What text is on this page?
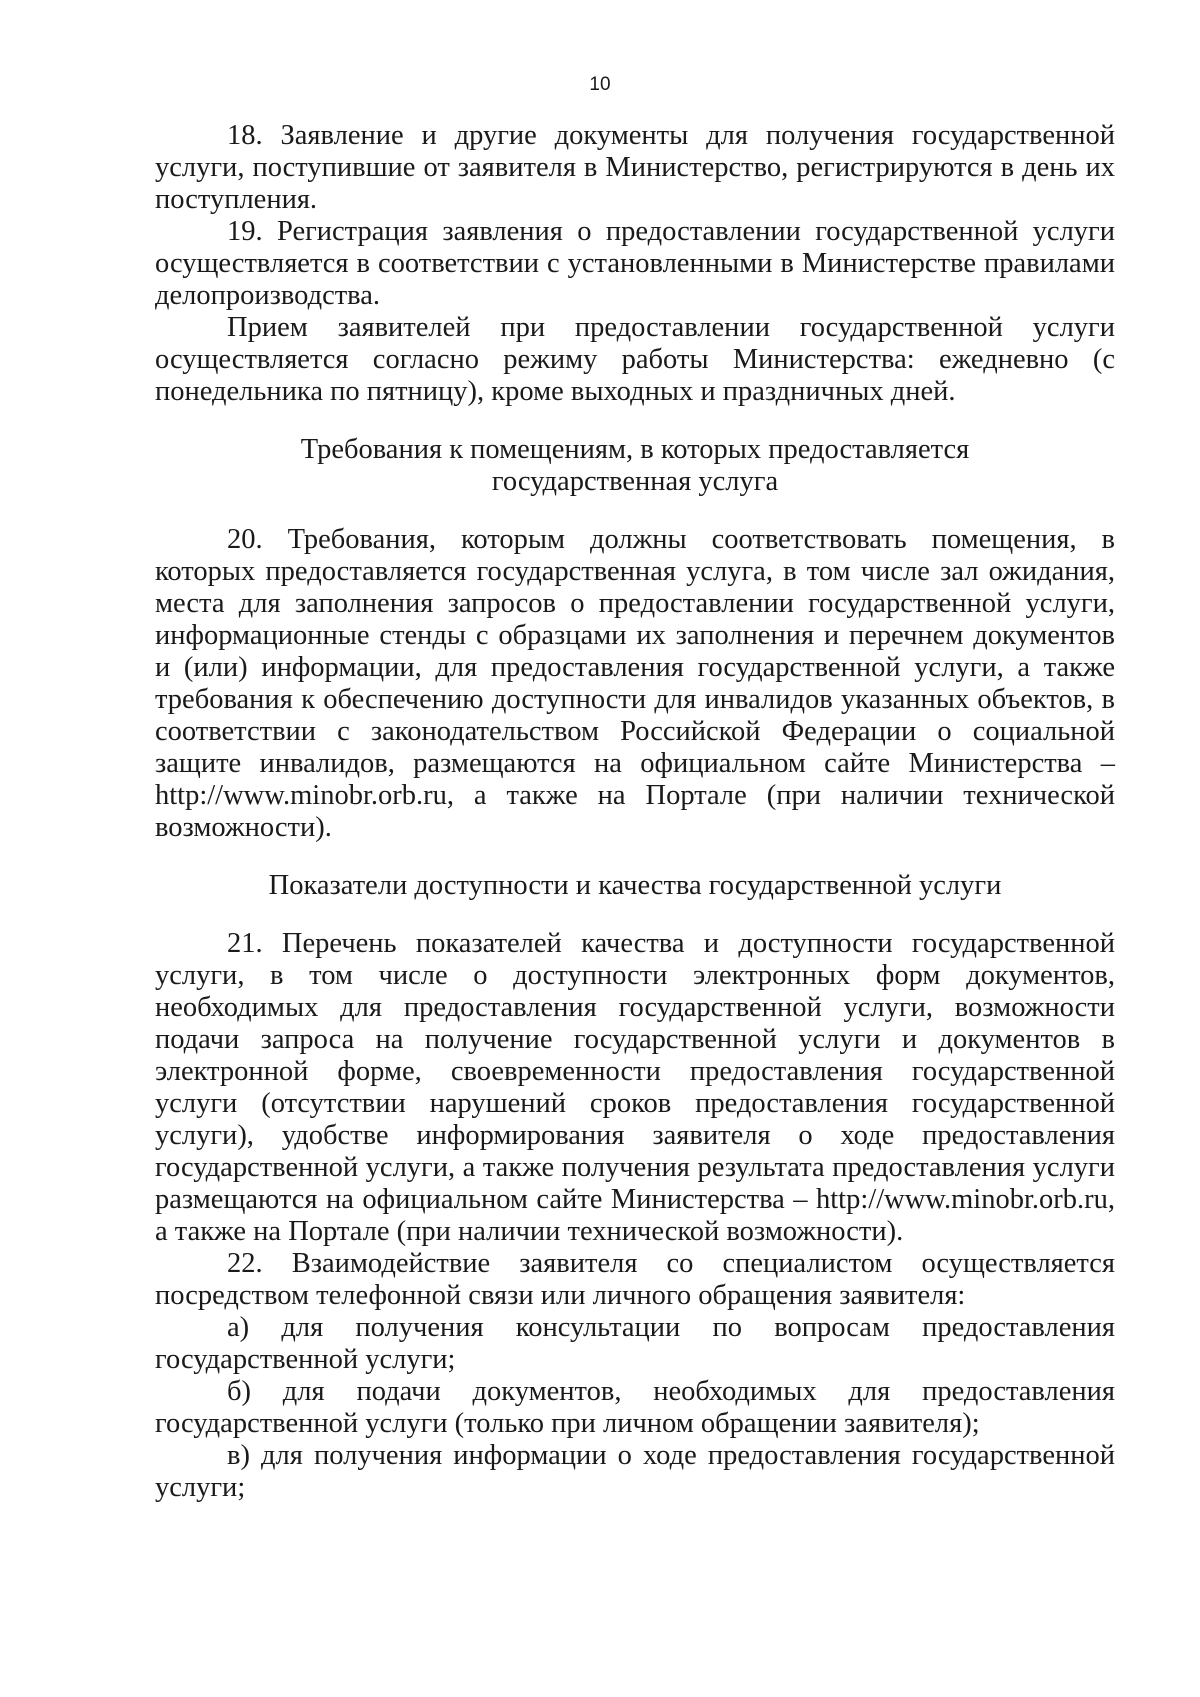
10

18. Заявление и другие документы для получения государственной услуги, поступившие от заявителя в Министерство, регистрируются в день их поступления.

19. Регистрация заявления о предоставлении государственной услуги осуществляется в соответствии с установленными в Министерстве правилами делопроизводства.

Прием заявителей при предоставлении государственной услуги осуществляется согласно режиму работы Министерства: ежедневно (с понедельника по пятницу), кроме выходных и праздничных дней.

Требования к помещениям, в которых предоставляется
государственная услуга

20. Требования, которым должны соответствовать помещения, в которых предоставляется государственная услуга, в том числе зал ожидания, места для заполнения запросов о предоставлении государственной услуги, информационные стенды с образцами их заполнения и перечнем документов и (или) информации, для предоставления государственной услуги, а также требования к обеспечению доступности для инвалидов указанных объектов, в соответствии с законодательством Российской Федерации о социальной защите инвалидов, размещаются на официальном сайте Министерства – http://www.minobr.orb.ru, а также на Портале (при наличии технической возможности).

Показатели доступности и качества государственной услуги

21. Перечень показателей качества и доступности государственной услуги, в том числе о доступности электронных форм документов, необходимых для предоставления государственной услуги, возможности подачи запроса на получение государственной услуги и документов в электронной форме, своевременности предоставления государственной услуги (отсутствии нарушений сроков предоставления государственной услуги), удобстве информирования заявителя о ходе предоставления государственной услуги, а также получения результата предоставления услуги размещаются на официальном сайте Министерства – http://www.minobr.orb.ru, а также на Портале (при наличии технической возможности).

22. Взаимодействие заявителя со специалистом осуществляется посредством телефонной связи или личного обращения заявителя:

а) для получения консультации по вопросам предоставления государственной услуги;

б) для подачи документов, необходимых для предоставления государственной услуги (только при личном обращении заявителя);

в) для получения информации о ходе предоставления государственной услуги;
